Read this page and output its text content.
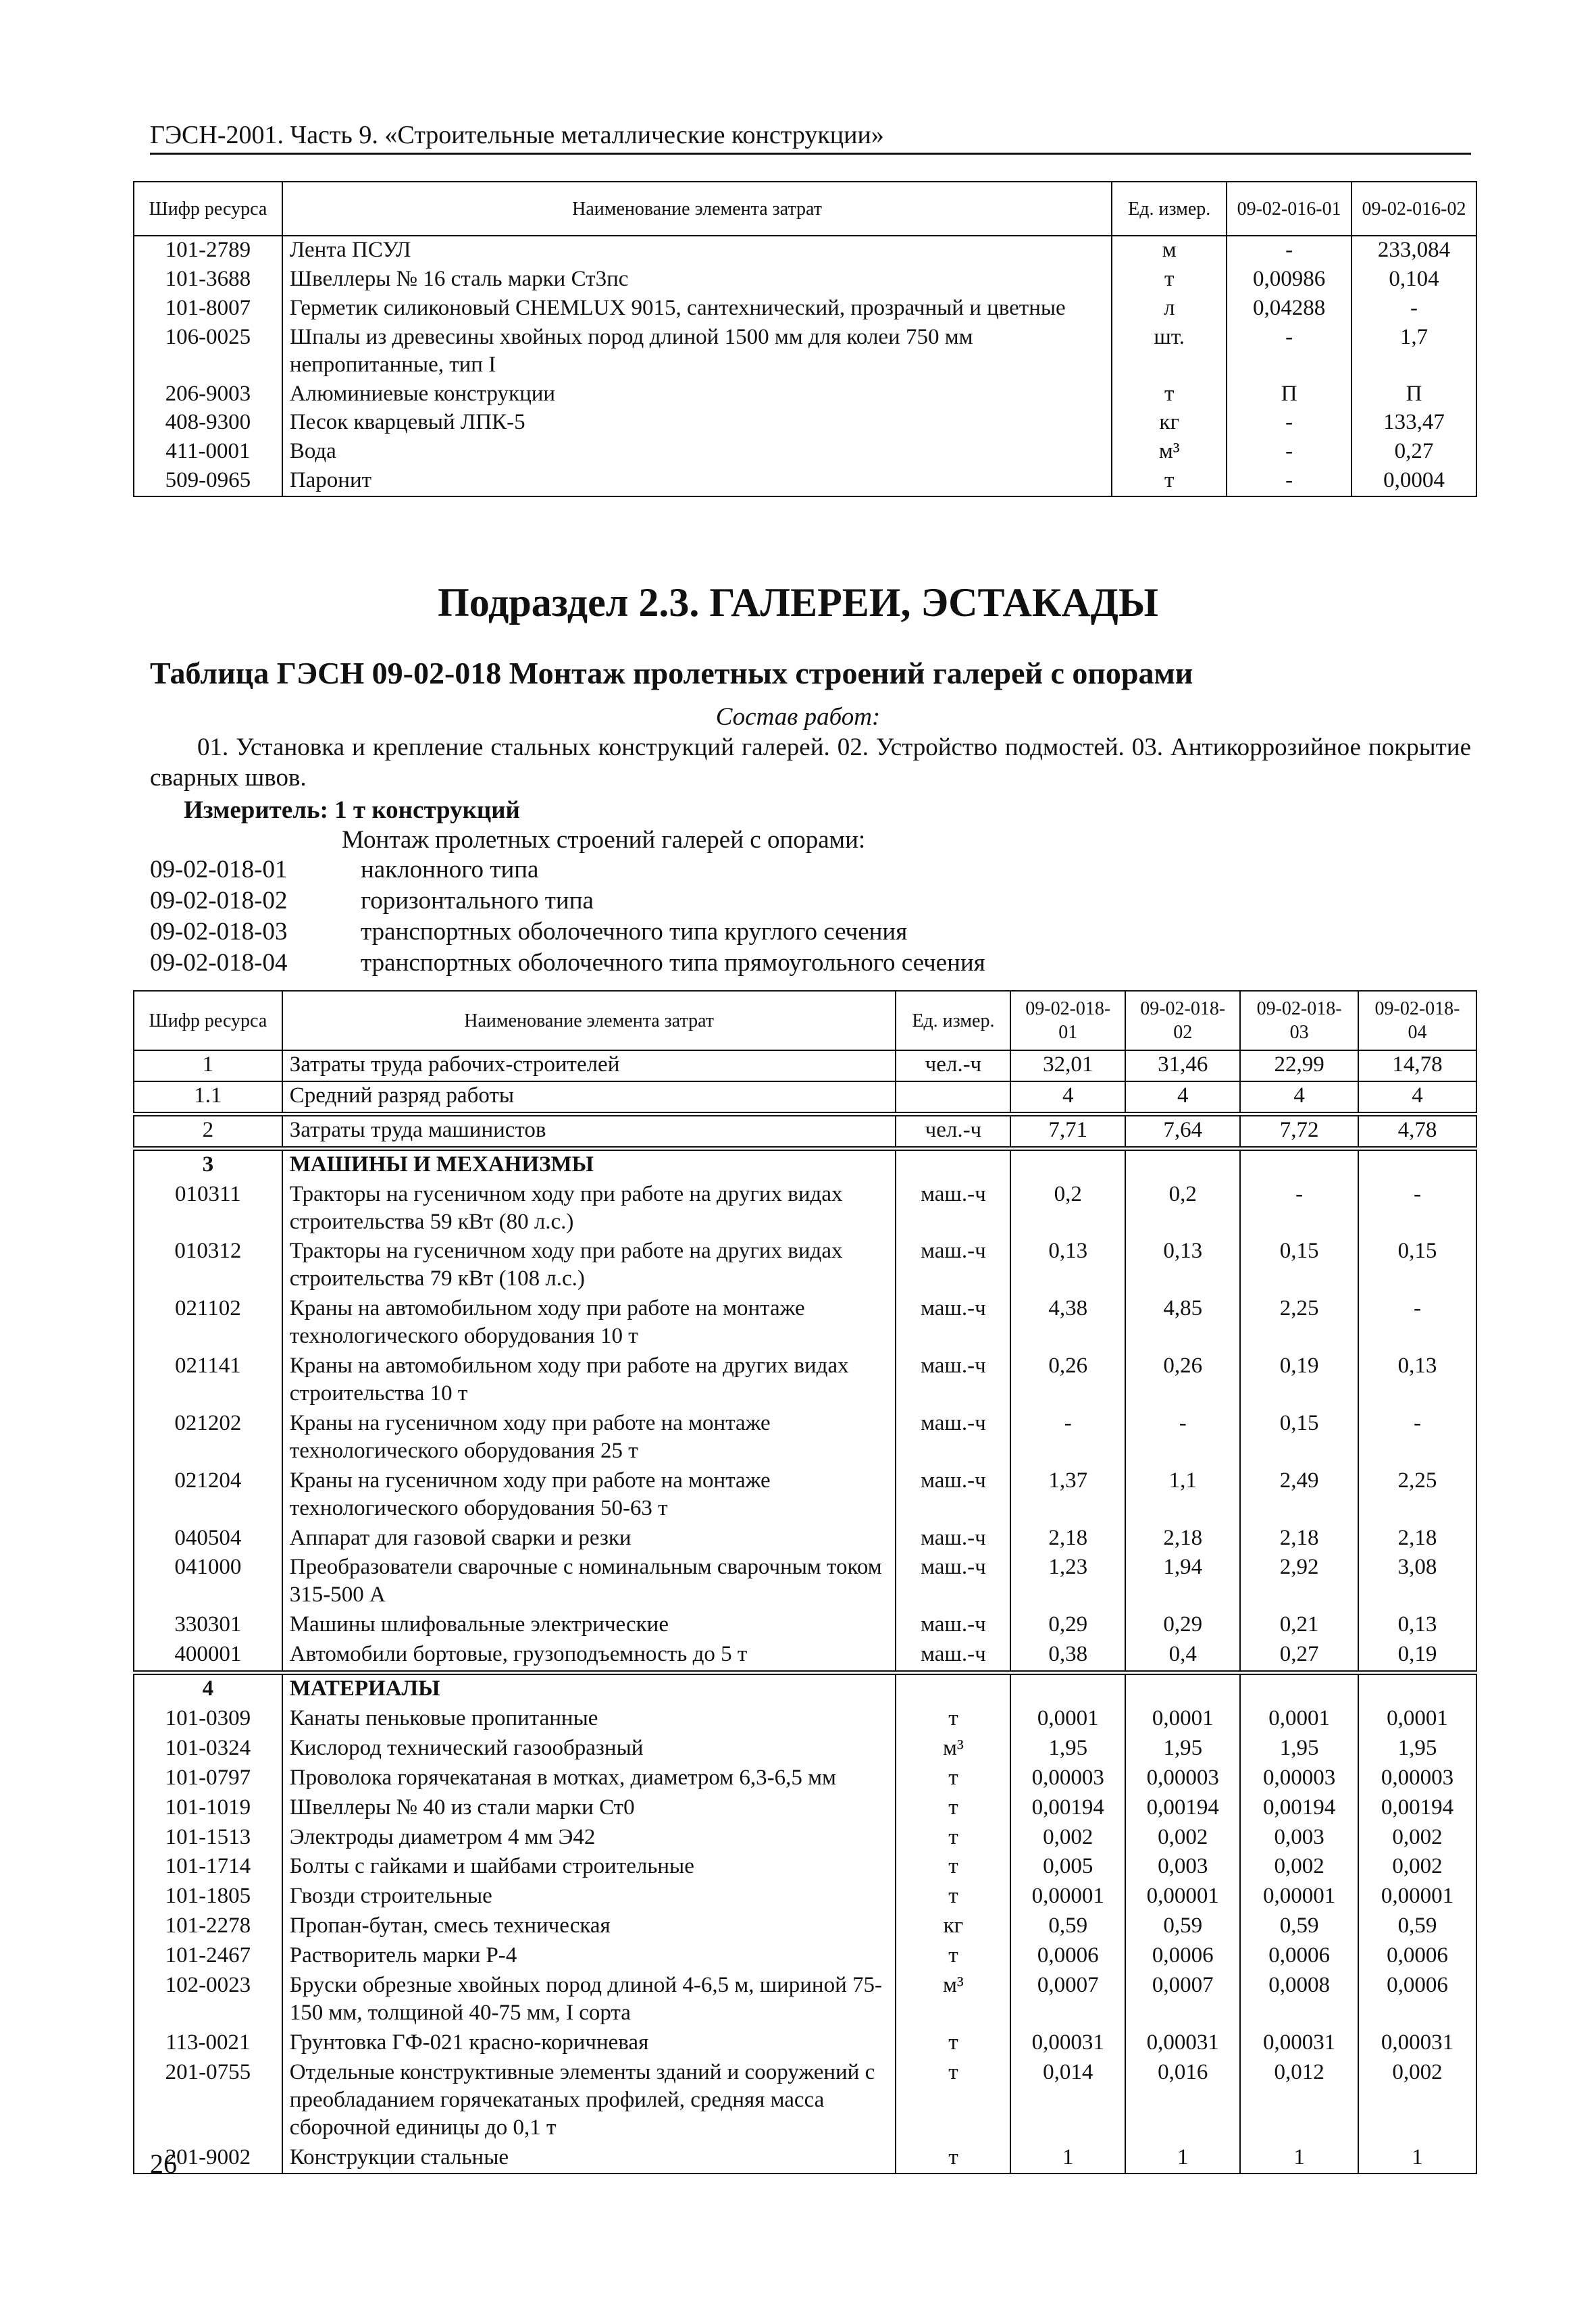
ГЭСН-2001. Часть 9. «Строительные металлические конструкции»
Шифр ресурса	Наименование элемента затрат	Ед. измер.	09-02-016-01	09-02-016-02
101-2789	Лента ПСУЛ	м	-	233,084
101-3688	Швеллеры № 16 сталь марки Ст3пс	т	0,00986	0,104
101-8007	Герметик силиконовый CHEMLUX 9015, сантехнический, прозрачный и цветные	л	0,04288	-
106-0025	Шпалы из древесины хвойных пород длиной 1500 мм для колеи 750 мм непропитанные, тип I	шт.	-	1,7
206-9003	Алюминиевые конструкции	т	П	П
408-9300	Песок кварцевый ЛПК-5	кг	-	133,47
411-0001	Вода	м³	-	0,27
509-0965	Паронит	т	-	0,0004
Подраздел 2.3. ГАЛЕРЕИ, ЭСТАКАДЫ
Таблица ГЭСН 09-02-018 Монтаж пролетных строений галерей с опорами
Состав работ:
01. Установка и крепление стальных конструкций галерей. 02. Устройство подмостей. 03. Антикоррозийное покрытие сварных швов.
Измеритель: 1 т конструкций
Монтаж пролетных строений галерей с опорами:
09-02-018-01	наклонного типа
09-02-018-02	горизонтального типа
09-02-018-03	транспортных оболочечного типа круглого сечения
09-02-018-04	транспортных оболочечного типа прямоугольного сечения
Шифр ресурса	Наименование элемента затрат	Ед. измер.	09-02-018-01	09-02-018-02	09-02-018-03	09-02-018-04
1	Затраты труда рабочих-строителей	чел.-ч	32,01	31,46	22,99	14,78
1.1	Средний разряд работы		4	4	4	4
2	Затраты труда машинистов	чел.-ч	7,71	7,64	7,72	4,78
3	МАШИНЫ И МЕХАНИЗМЫ					
010311	Тракторы на гусеничном ходу при работе на других видах строительства 59 кВт (80 л.с.)	маш.-ч	0,2	0,2	-	-
010312	Тракторы на гусеничном ходу при работе на других видах строительства 79 кВт (108 л.с.)	маш.-ч	0,13	0,13	0,15	0,15
021102	Краны на автомобильном ходу при работе на монтаже технологического оборудования 10 т	маш.-ч	4,38	4,85	2,25	-
021141	Краны на автомобильном ходу при работе на других видах строительства 10 т	маш.-ч	0,26	0,26	0,19	0,13
021202	Краны на гусеничном ходу при работе на монтаже технологического оборудования 25 т	маш.-ч	-	-	0,15	-
021204	Краны на гусеничном ходу при работе на монтаже технологического оборудования 50-63 т	маш.-ч	1,37	1,1	2,49	2,25
040504	Аппарат для газовой сварки и резки	маш.-ч	2,18	2,18	2,18	2,18
041000	Преобразователи сварочные с номинальным сварочным током 315-500 А	маш.-ч	1,23	1,94	2,92	3,08
330301	Машины шлифовальные электрические	маш.-ч	0,29	0,29	0,21	0,13
400001	Автомобили бортовые, грузоподъемность до 5 т	маш.-ч	0,38	0,4	0,27	0,19
4	МАТЕРИАЛЫ					
101-0309	Канаты пеньковые пропитанные	т	0,0001	0,0001	0,0001	0,0001
101-0324	Кислород технический газообразный	м³	1,95	1,95	1,95	1,95
101-0797	Проволока горячекатаная в мотках, диаметром 6,3-6,5 мм	т	0,00003	0,00003	0,00003	0,00003
101-1019	Швеллеры № 40 из стали марки Ст0	т	0,00194	0,00194	0,00194	0,00194
101-1513	Электроды диаметром 4 мм Э42	т	0,002	0,002	0,003	0,002
101-1714	Болты с гайками и шайбами строительные	т	0,005	0,003	0,002	0,002
101-1805	Гвозди строительные	т	0,00001	0,00001	0,00001	0,00001
101-2278	Пропан-бутан, смесь техническая	кг	0,59	0,59	0,59	0,59
101-2467	Растворитель марки Р-4	т	0,0006	0,0006	0,0006	0,0006
102-0023	Бруски обрезные хвойных пород длиной 4-6,5 м, шириной 75-150 мм, толщиной 40-75 мм, I сорта	м³	0,0007	0,0007	0,0008	0,0006
113-0021	Грунтовка ГФ-021 красно-коричневая	т	0,00031	0,00031	0,00031	0,00031
201-0755	Отдельные конструктивные элементы зданий и сооружений с преобладанием горячекатаных профилей, средняя масса сборочной единицы до 0,1 т	т	0,014	0,016	0,012	0,002
201-9002	Конструкции стальные	т	1	1	1	1
26
